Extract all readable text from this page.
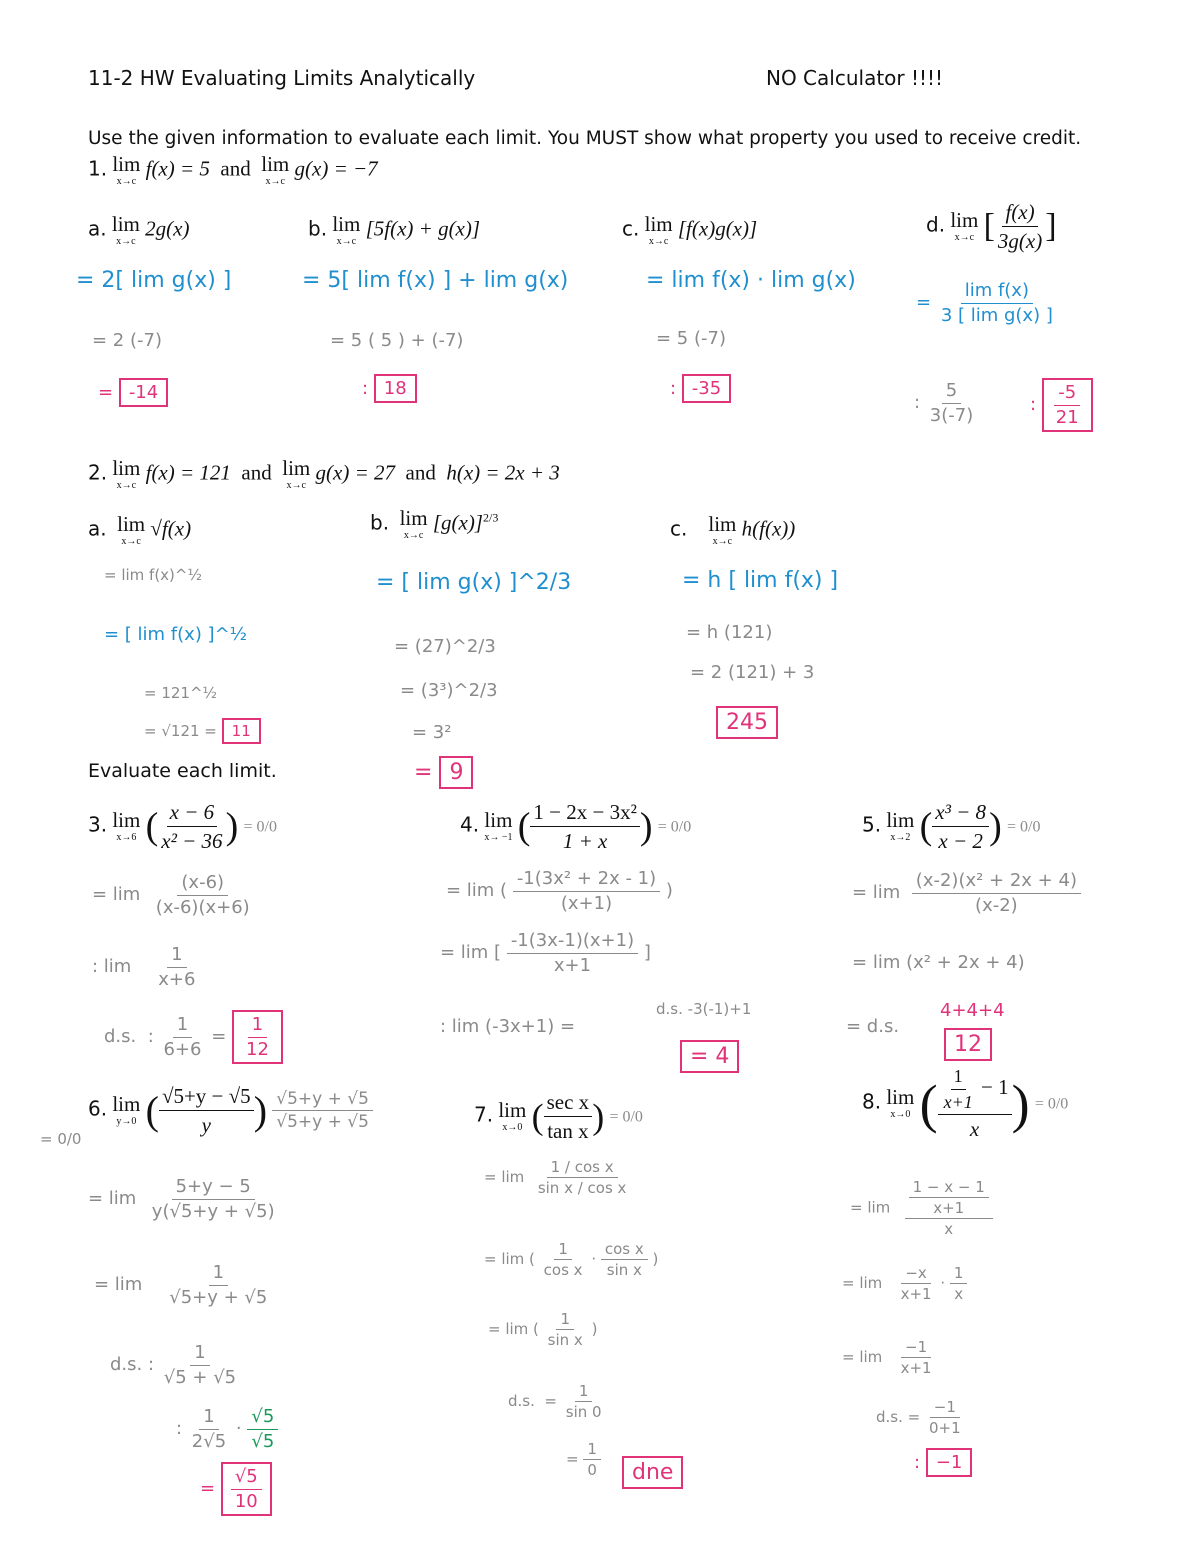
11-2 HW Evaluating Limits Analytically	NO Calculator !!!!
Use the given information to evaluate each limit. You MUST show what property you used to receive credit.
1. lim
x→c
f(x) = 5 and lim
x→c
g(x) = −7
a. lim
x→c
2g(x)
= 2[ lim g(x) ]
= 2 (-7)
= -14
b. lim
x→c
[5f(x) + g(x)]
= 5[ lim f(x) ] + lim g(x)
= 5 ( 5 ) + (-7)
: 18
c. lim
x→c
[f(x)g(x)]
= lim f(x) · lim g(x)
= 5 (-7)
: -35
d. lim
x→c [ $\frac{f(x)}{3g(x)}$ ]
= $\frac{\text{lim f(x)}}{\text{3 [ lim g(x) ]}}$
: $\frac{5}{3(-7)}$	: $\frac{-5}{21}$
2. lim
x→c
f(x) = 121 and lim
x→c
g(x) = 27 and h(x) = 2x + 3
a. lim
x→c
√f(x)
= lim f(x)^½
= [ lim f(x) ]^½
= 121^½
= √121 = 11
b. lim
x→c
$[g(x)]^{2/3}$
= [ lim g(x) ]^2/3
= (27)^2/3
= (3³)^2/3
= 3²
= 9
c. lim
x→c
h(f(x))
= h [ lim f(x) ]
= h (121)
= 2 (121) + 3
245
Evaluate each limit.
3. lim
x→6 ( $\frac{x - 6}{\text{x² − 36}}$ ) = 0/0
= $\lim \frac{(x-6)}{(x-6)(x+6)}$
: $\lim \frac{1}{x+6}$
d.s.  : $\frac{1}{6+6} = \frac{1}{12}$
4. lim
x→ −1 ( $\frac{\text{1 − 2x − 3x²}}{1 + x}$ ) = 0/0
= lim ( $\frac{\text{-1(3x² + 2x - 1)}}{(x+1)}$ )
= lim [ $\frac{-1(3x-1)(x+1)}{x+1}$ ]
: lim (-3x+1) =
d.s. -3(-1)+1
= 4
5. lim
x→2 ( $\frac{\text{x³ − 8}}{x - 2}$ ) = 0/0
= $\lim \frac{\text{(x-2)(x² + 2x + 4)}}{(x-2)}$
= lim (x² + 2x + 4)
= d.s.
4+4+4
12
6. lim
y→0 ( $\frac{√5+y - √5}{y}$ ) $\frac{√5+y + √5}{√5+y + √5}$
= 0/0
= $\lim \frac{5+y - 5}{y(√5+y + √5)}$
= $\lim \frac{1}{√5+y + √5}$
d.s. : $\frac{1}{√5 + √5}$
: $\frac{1}{2√5} \cdot \frac{√5}{√5}$
= $\frac{√5}{10}$
7. lim
x→0 ( $\frac{\text{sec x}}{\text{tan x}}$ ) = 0/0
= $\lim \frac{\text{1 / cos x}}{\text{sin x / cos x}}$
= lim ( $\frac{1}{\text{cos x}} \cdot \frac{\text{cos x}}{\text{sin x}}$ )
= lim ( $\frac{1}{\text{sin x}}$ )
d.s.  = $\frac{1}{\sin 0}$
= $\frac{1}{0}$	dne
8. lim
x→0 ( $\frac{\frac{1}{x+1} - 1}{x}$ ) = 0/0
= $\lim \frac{\frac{1 - x - 1}{x+1}}{x}$
= $\lim \frac{-x}{x+1} \cdot \frac{1}{x}$
= $\lim \frac{-1}{x+1}$
d.s. = $\frac{-1}{0+1}$
: −1
